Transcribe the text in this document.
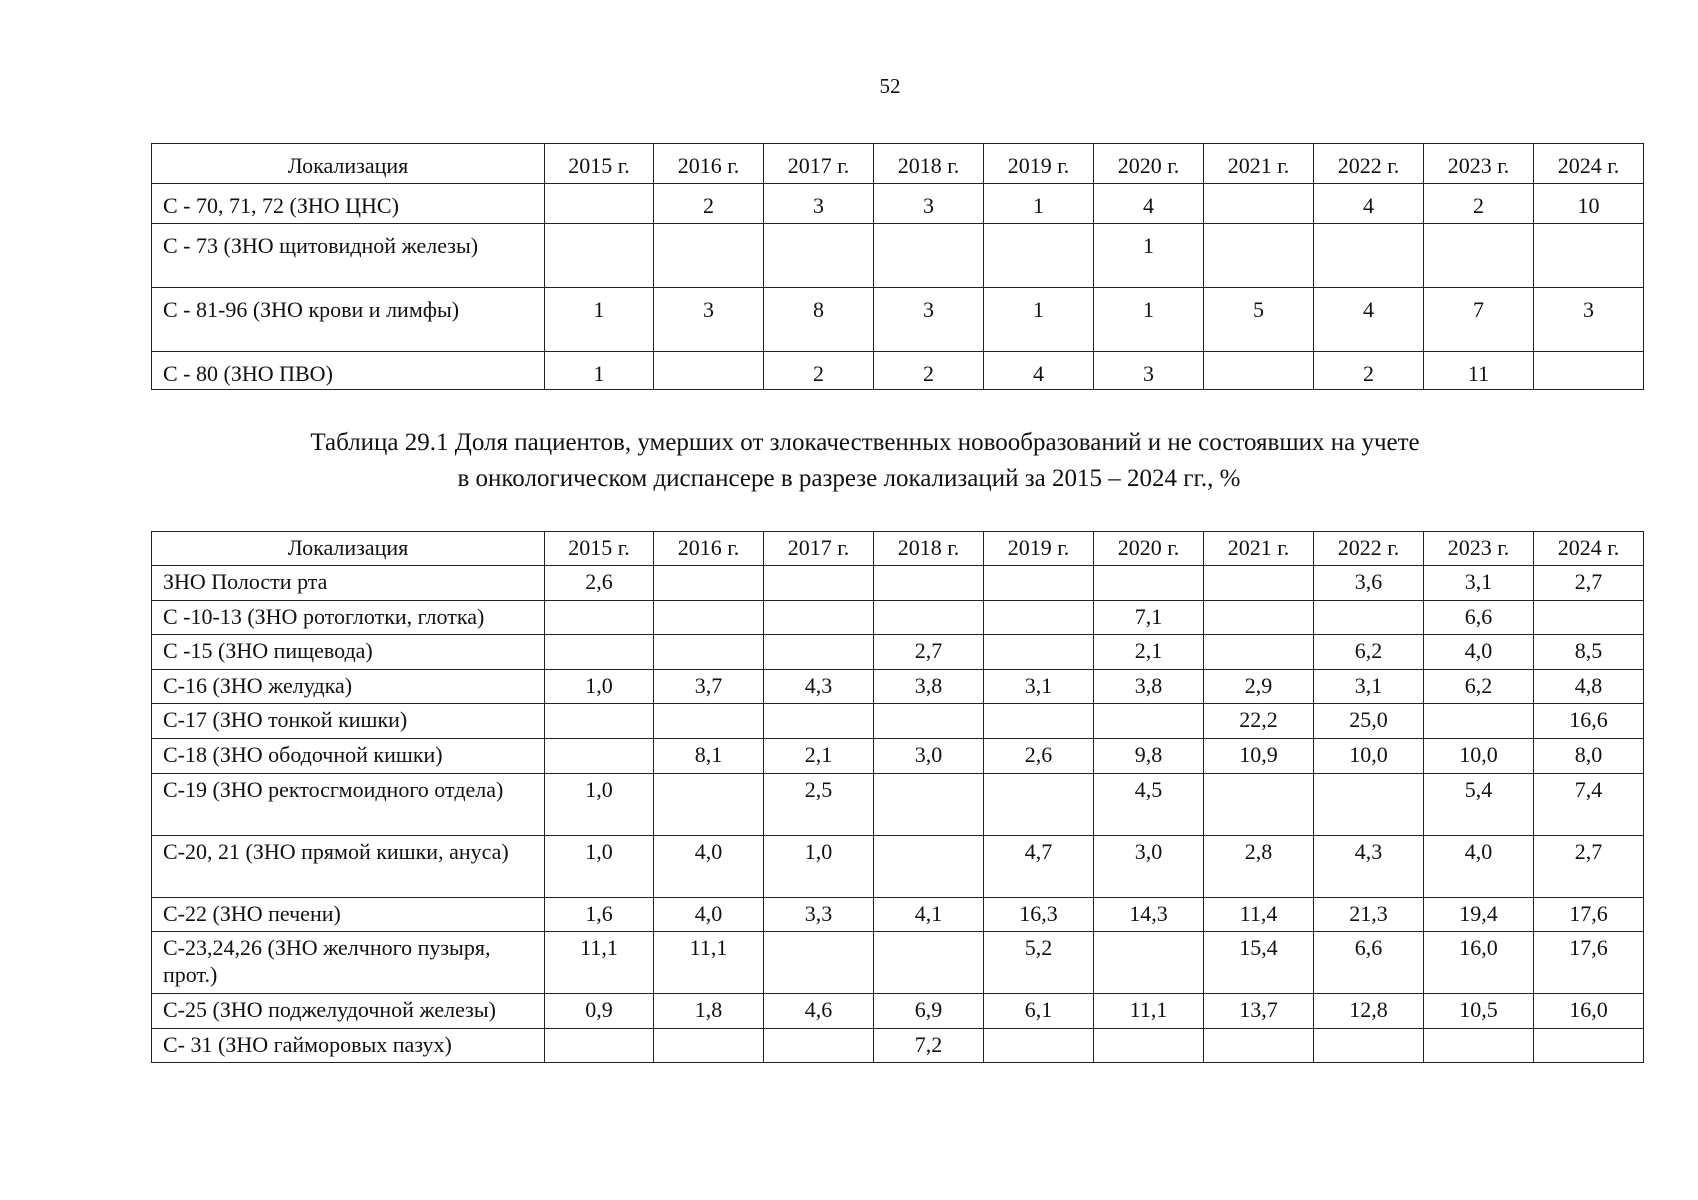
52
Локализация	2015 г.	2016 г.	2017 г.	2018 г.	2019 г.	2020 г.	2021 г.	2022 г.	2023 г.	2024 г.
С - 70, 71, 72 (ЗНО ЦНС)		2	3	3	1	4		4	2	10
С - 73 (ЗНО щитовидной железы)						1				
С - 81-96 (ЗНО крови и лимфы)	1	3	8	3	1	1	5	4	7	3
С - 80 (ЗНО ПВО)	1		2	2	4	3		2	11	
Таблица 29.1 Доля пациентов, умерших от злокачественных новообразований и не состоявших на учете
в онкологическом диспансере в разрезе локализаций за 2015 – 2024 гг., %
Локализация	2015 г.	2016 г.	2017 г.	2018 г.	2019 г.	2020 г.	2021 г.	2022 г.	2023 г.	2024 г.
ЗНО Полости рта	2,6							3,6	3,1	2,7
С -10-13 (ЗНО ротоглотки, глотка)						7,1			6,6	
С -15 (ЗНО пищевода)				2,7		2,1		6,2	4,0	8,5
С-16 (ЗНО желудка)	1,0	3,7	4,3	3,8	3,1	3,8	2,9	3,1	6,2	4,8
С-17 (ЗНО тонкой кишки)							22,2	25,0		16,6
С-18 (ЗНО ободочной кишки)		8,1	2,1	3,0	2,6	9,8	10,9	10,0	10,0	8,0
С-19 (ЗНО ректосгмоидного отдела)	1,0		2,5			4,5			5,4	7,4
С-20, 21 (ЗНО прямой кишки, ануса)	1,0	4,0	1,0		4,7	3,0	2,8	4,3	4,0	2,7
С-22 (ЗНО печени)	1,6	4,0	3,3	4,1	16,3	14,3	11,4	21,3	19,4	17,6
С-23,24,26 (ЗНО желчного пузыря, прот.)	11,1	11,1			5,2		15,4	6,6	16,0	17,6
С-25 (ЗНО поджелудочной железы)	0,9	1,8	4,6	6,9	6,1	11,1	13,7	12,8	10,5	16,0
С- 31 (ЗНО гайморовых пазух)				7,2						
